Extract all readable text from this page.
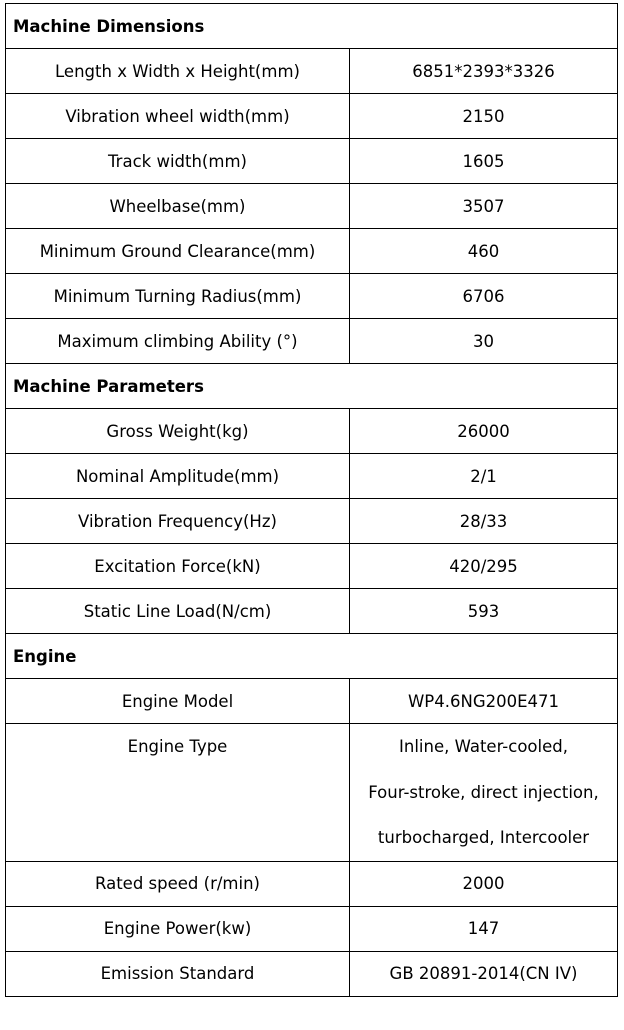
Machine Dimensions	
Length x Width x Height(mm)	6851*2393*3326
Vibration wheel width(mm)	2150
Track width(mm)	1605
Wheelbase(mm)	3507
Minimum Ground Clearance(mm)	460
Minimum Turning Radius(mm)	6706
Maximum climbing Ability (°)	30
Machine Parameters	
Gross Weight(kg)	26000
Nominal Amplitude(mm)	2/1
Vibration Frequency(Hz)	28/33
Excitation Force(kN)	420/295
Static Line Load(N/cm)	593
Engine	
Engine Model	WP4.6NG200E471
Engine Type	Inline, Water-cooled,
Four-stroke, direct injection,
turbocharged, Intercooler

Rated speed (r/min)	2000
Engine Power(kw)	147
Emission Standard	GB 20891-2014(CN IV)
